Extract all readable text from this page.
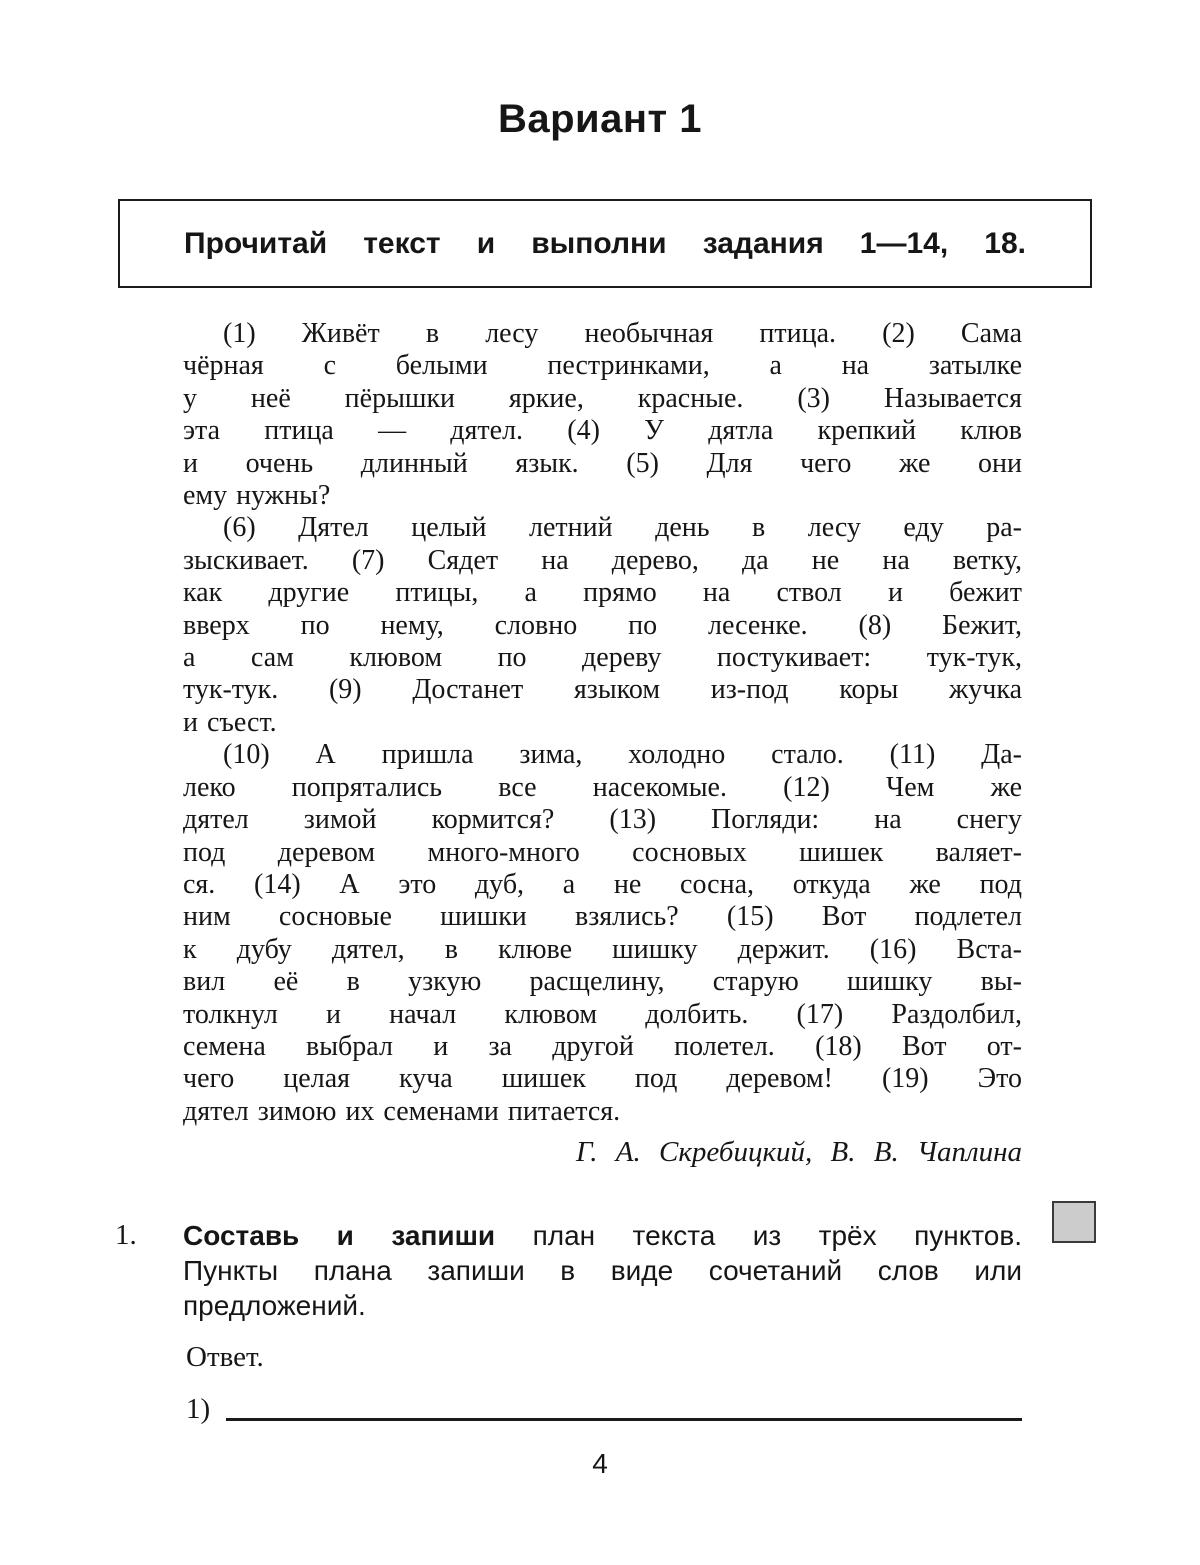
Вариант 1
Прочитай текст и выполни задания 1—14, 18.
(1) Живёт в лесу необычная птица. (2) Сама
чёрная с белыми пестринками, а на затылке
у неё пёрышки яркие, красные. (3) Называется
эта птица — дятел. (4) У дятла крепкий клюв
и очень длинный язык. (5) Для чего же они
ему нужны?
(6) Дятел целый летний день в лесу еду ра-
зыскивает. (7) Сядет на дерево, да не на ветку,
как другие птицы, а прямо на ствол и бежит
вверх по нему, словно по лесенке. (8) Бежит,
а сам клювом по дереву постукивает: тук-тук,
тук-тук. (9) Достанет языком из-под коры жучка
и съест.
(10) А пришла зима, холодно стало. (11) Да-
леко попрятались все насекомые. (12) Чем же
дятел зимой кормится? (13) Погляди: на снегу
под деревом много-много сосновых шишек валяет-
ся. (14) А это дуб, а не сосна, откуда же под
ним сосновые шишки взялись? (15) Вот подлетел
к дубу дятел, в клюве шишку держит. (16) Вста-
вил её в узкую расщелину, старую шишку вы-
толкнул и начал клювом долбить. (17) Раздолбил,
семена выбрал и за другой полетел. (18) Вот от-
чего целая куча шишек под деревом! (19) Это
дятел зимою их семенами питается.
Г. А. Скребицкий, В. В. Чаплина
1.	Составь и запиши план текста из трёх пунктов.
Пункты плана запиши в виде сочетаний слов или
предложений.
Ответ.
1)
4
